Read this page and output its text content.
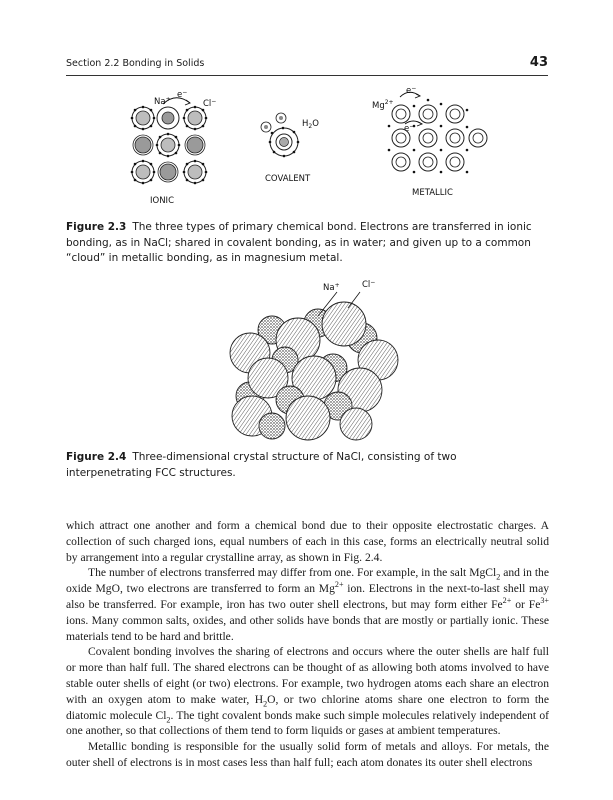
Section 2.2 Bonding in Solids	43
Na+ e−
Cl−
IONIC
$H_2O$
COVALENT
$Mg^{2+}$
e−
e−
METALLIC
Figure 2.3 The three types of primary chemical bond. Electrons are transferred in ionic bonding, as in NaCl; shared in covalent bonding, as in water; and given up to a common “cloud” in metallic bonding, as in magnesium metal.
Na+	Cl−
Figure 2.4 Three-dimensional crystal structure of NaCl, consisting of two interpenetrating FCC structures.

which attract one another and form a chemical bond due to their opposite electrostatic charges. A collection of such charged ions, equal numbers of each in this case, forms an electrically neutral solid by arrangement into a regular crystalline array, as shown in Fig. 2.4.

The number of electrons transferred may differ from one. For example, in the salt MgCl$_2$ and in the oxide MgO, two electrons are transferred to form an $Mg^{2+}$ ion. Electrons in the next-to-last shell may also be transferred. For example, iron has two outer shell electrons, but may form either $Fe^{2+}$ or $Fe^{3+}$ ions. Many common salts, oxides, and other solids have bonds that are mostly or partially ionic. These materials tend to be hard and brittle.

Covalent bonding involves the sharing of electrons and occurs where the outer shells are half full or more than half full. The shared electrons can be thought of as allowing both atoms involved to have stable outer shells of eight (or two) electrons. For example, two hydrogen atoms each share an electron with an oxygen atom to make water, $H_2O$, or two chlorine atoms share one electron to form the diatomic molecule $Cl_2$. The tight covalent bonds make such simple molecules relatively independent of one another, so that collections of them tend to form liquids or gases at ambient temperatures.

Metallic bonding is responsible for the usually solid form of metals and alloys. For metals, the outer shell of electrons is in most cases less than half full; each atom donates its outer shell electrons
